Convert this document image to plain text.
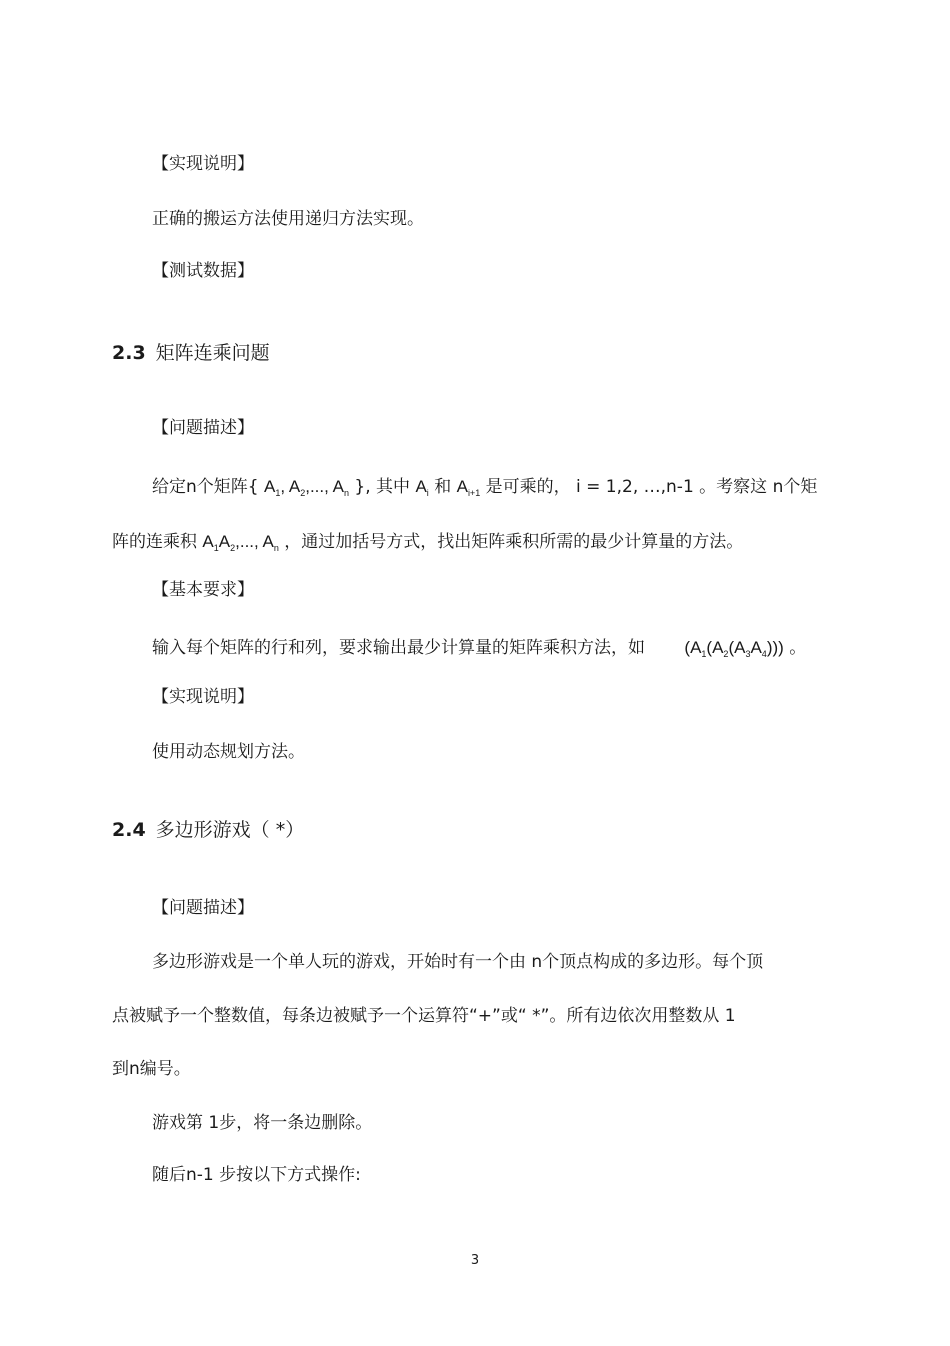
【实现说明】
正确的搬运方法使用递归方法实现。
【测试数据】
2.3 矩阵连乘问题
【问题描述】
给定n个矩阵{ $A_1$, $A_2$,..., $A_n$ }, 其中 $A_i$ 和 $A_{i+1}$ 是可乘的， i = 1,2, …,n-1 。考察这 n个矩
阵的连乘积 $A_1A_2$,..., $A_n$ ，通过加括号方式，找出矩阵乘积所需的最少计算量的方法。
【基本要求】
输入每个矩阵的行和列，要求输出最少计算量的矩阵乘积方法，如 $(A_1(A_2(A_3A_4)))$ 。
【实现说明】
使用动态规划方法。
2.4 多边形游戏（ *）
【问题描述】
多边形游戏是一个单人玩的游戏，开始时有一个由 n个顶点构成的多边形。每个顶
点被赋予一个整数值，每条边被赋予一个运算符“+”或“ *”。所有边依次用整数从 1
到n编号。
游戏第 1步，将一条边删除。
随后n-1 步按以下方式操作:
3
